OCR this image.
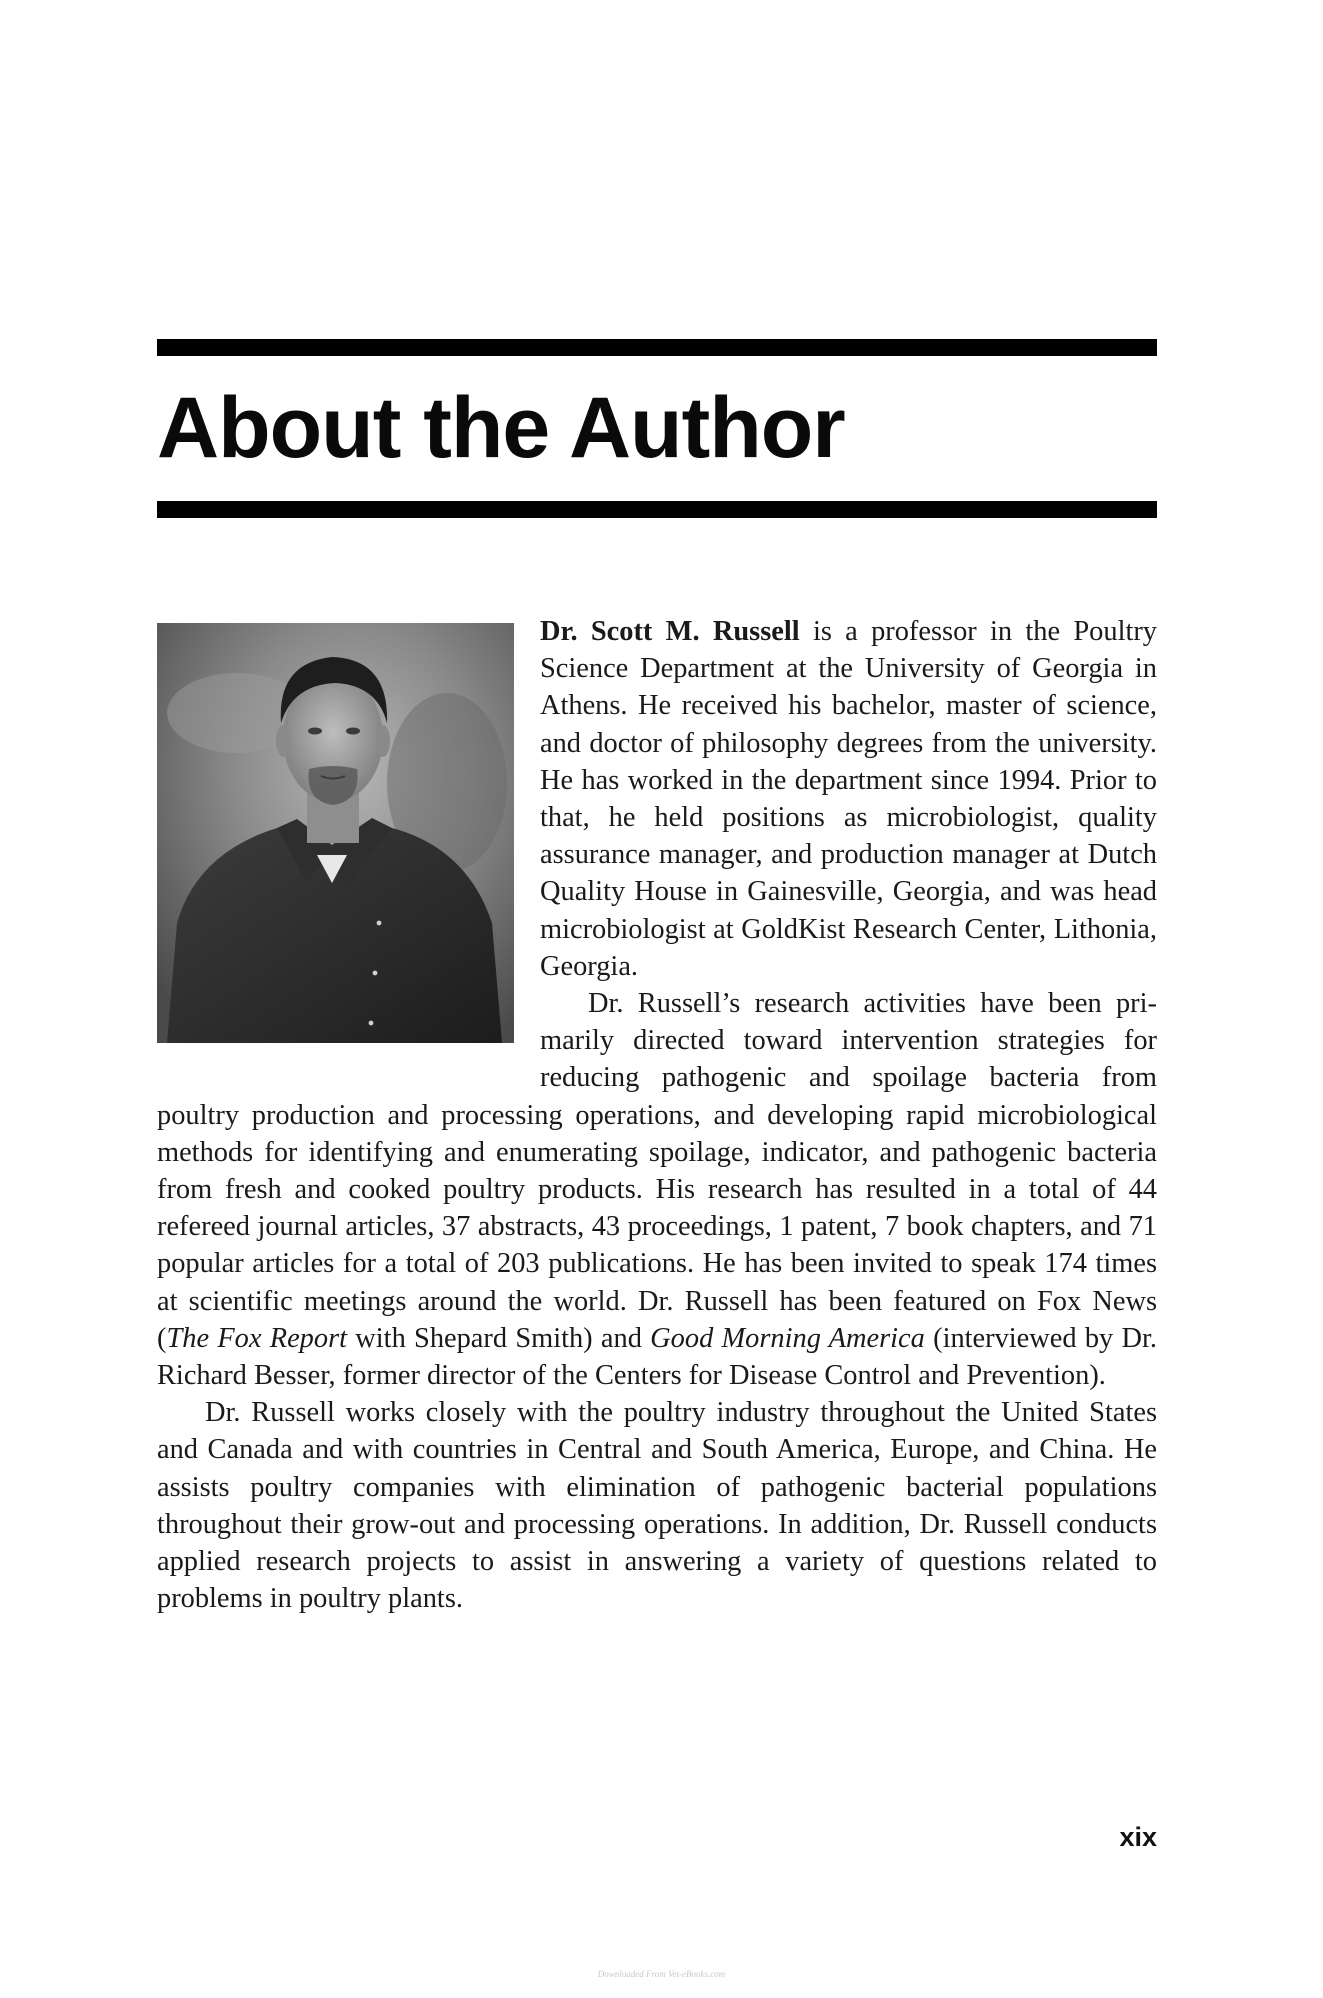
About the Author

Dr. Scott M. Russell is a professor in the Poultry Science Department at the University of Georgia in Athens. He received his bachelor, master of science, and doctor of philosophy degrees from the university. He has worked in the department since 1994. Prior to that, he held positions as microbiologist, quality assurance manager, and production manager at Dutch Quality House in Gainesville, Georgia, and was head microbiologist at GoldKist Research Center, Lithonia, Georgia.

Dr. Russell’s research activities have been primarily directed toward intervention strategies for reducing pathogenic and spoilage bacteria from poultry production and processing operations, and developing rapid microbiological methods for identifying and enumerating spoilage, indicator, and pathogenic bacteria from fresh and cooked poultry products. His research has resulted in a total of 44 refereed journal articles, 37 abstracts, 43 proceedings, 1 patent, 7 book chapters, and 71 popular articles for a total of 203 publications. He has been invited to speak 174 times at scientific meetings around the world. Dr. Russell has been featured on Fox News (The Fox Report with Shepard Smith) and Good Morning America (interviewed by Dr. Richard Besser, former director of the Centers for Disease Control and Prevention).

Dr. Russell works closely with the poultry industry throughout the United States and Canada and with countries in Central and South America, Europe, and China. He assists poultry companies with elimination of pathogenic bacterial populations throughout their grow-out and processing operations. In addition, Dr. Russell conducts applied research projects to assist in answering a variety of questions related to problems in poultry plants.

xix
Downloaded From Vet-eBooks.com
